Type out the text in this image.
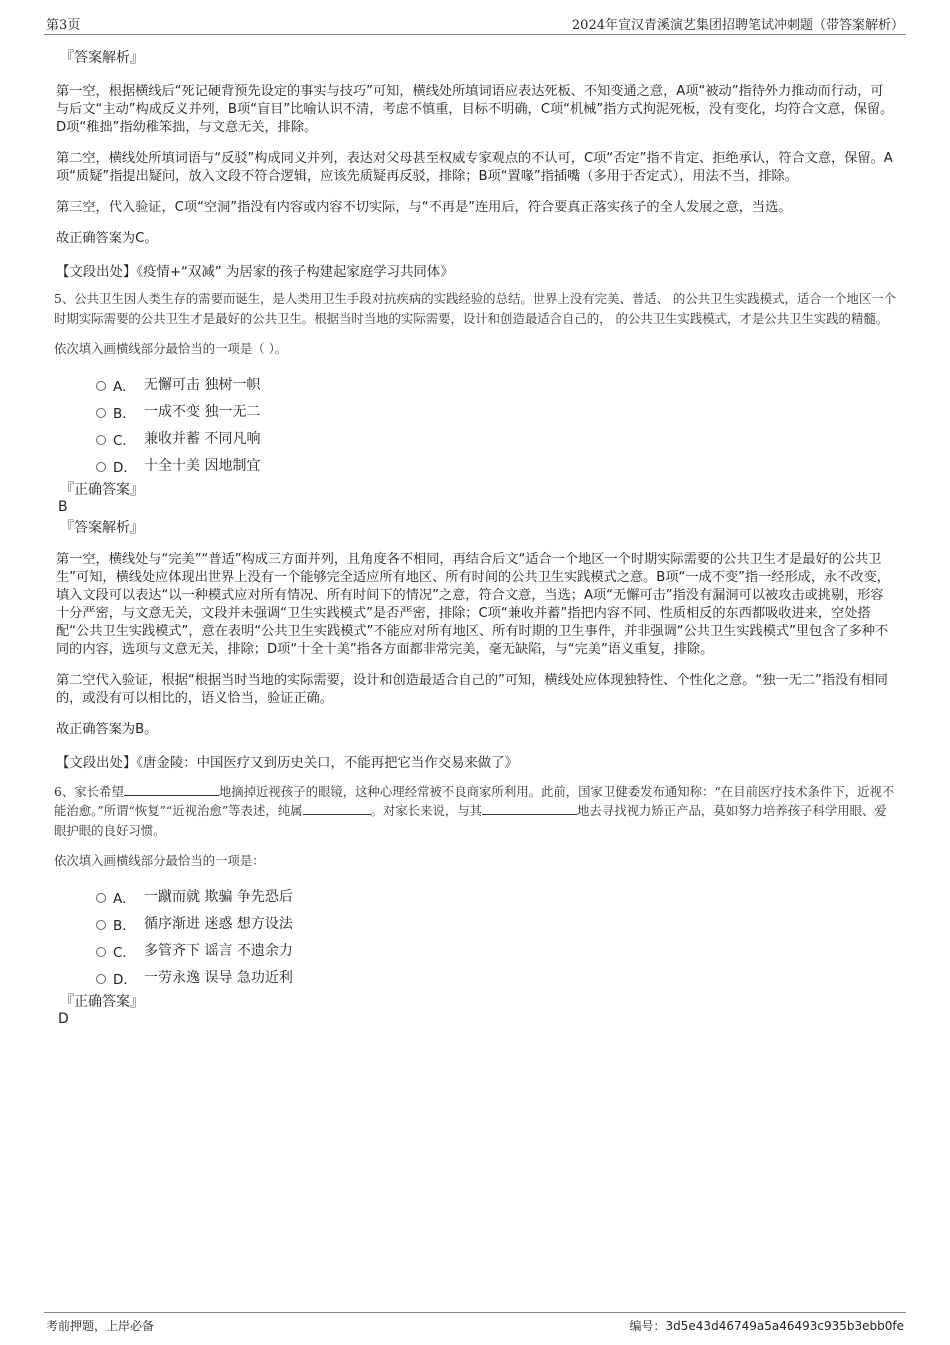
第3页	2024年宣汉青溪演艺集团招聘笔试冲刺题（带答案解析）
『答案解析』

第一空，根据横线后“死记硬背预先设定的事实与技巧”可知，横线处所填词语应表达死板、不知变通之意，A项“被动”指待外力推动而行动，可与后文“主动”构成反义并列，B项“盲目”比喻认识不清，考虑不慎重，目标不明确，C项“机械”指方式拘泥死板，没有变化，均符合文意，保留。D项“稚拙”指幼稚笨拙，与文意无关，排除。

第二空，横线处所填词语与“反驳”构成同义并列，表达对父母甚至权威专家观点的不认可，C项“否定”指不肯定、拒绝承认，符合文意，保留。A项“质疑”指提出疑问，放入文段不符合逻辑，应该先质疑再反驳，排除；B项“置喙”指插嘴（多用于否定式），用法不当，排除。

第三空，代入验证，C项“空洞”指没有内容或内容不切实际，与“不再是”连用后，符合要真正落实孩子的全人发展之意，当选。

故正确答案为C。

【文段出处】《疫情+“双减” 为居家的孩子构建起家庭学习共同体》

5、公共卫生因人类生存的需要而诞生，是人类用卫生手段对抗疾病的实践经验的总结。世界上没有完美、普适、 的公共卫生实践模式，适合一个地区一个时期实际需要的公共卫生才是最好的公共卫生。根据当时当地的实际需要，设计和创造最适合自己的， 的公共卫生实践模式，才是公共卫生实践的精髓。

依次填入画横线部分最恰当的一项是（ ）。

A． 无懈可击 独树一帜
B． 一成不变 独一无二
C． 兼收并蓄 不同凡响
D． 十全十美 因地制宜
『正确答案』
B
『答案解析』

第一空，横线处与“完美”“普适”构成三方面并列，且角度各不相同，再结合后文“适合一个地区一个时期实际需要的公共卫生才是最好的公共卫生”可知，横线处应体现出世界上没有一个能够完全适应所有地区、所有时间的公共卫生实践模式之意。B项“一成不变”指一经形成，永不改变，填入文段可以表达“以一种模式应对所有情况、所有时间下的情况”之意，符合文意，当选；A项“无懈可击”指没有漏洞可以被攻击或挑剔，形容十分严密，与文意无关，文段并未强调“卫生实践模式”是否严密，排除；C项“兼收并蓄”指把内容不同、性质相反的东西都吸收进来，空处搭配“公共卫生实践模式”，意在表明“公共卫生实践模式”不能应对所有地区、所有时期的卫生事件，并非强调“公共卫生实践模式”里包含了多种不同的内容，选项与文意无关，排除；D项“十全十美”指各方面都非常完美，毫无缺陷，与“完美”语义重复，排除。

第二空代入验证，根据“根据当时当地的实际需要，设计和创造最适合自己的”可知，横线处应体现独特性、个性化之意。“独一无二”指没有相同的，或没有可以相比的，语义恰当，验证正确。

故正确答案为B。

【文段出处】《唐金陵：中国医疗又到历史关口，不能再把它当作交易来做了》

6、家长希望	地摘掉近视孩子的眼镜，这种心理经常被不良商家所利用。此前，国家卫健委发布通知称：“在目前医疗技术条件下，近视不能治愈。”所谓“恢复”“近视治愈”等表述，纯属	。对家长来说，与其	地去寻找视力矫正产品，莫如努力培养孩子科学用眼、爱眼护眼的良好习惯。

依次填入画横线部分最恰当的一项是：

A． 一蹴而就 欺骗 争先恐后
B． 循序渐进 迷惑 想方设法
C． 多管齐下 谣言 不遗余力
D． 一劳永逸 误导 急功近利
『正确答案』
D
考前押题，上岸必备	编号：3d5e43d46749a5a46493c935b3ebb0fe
